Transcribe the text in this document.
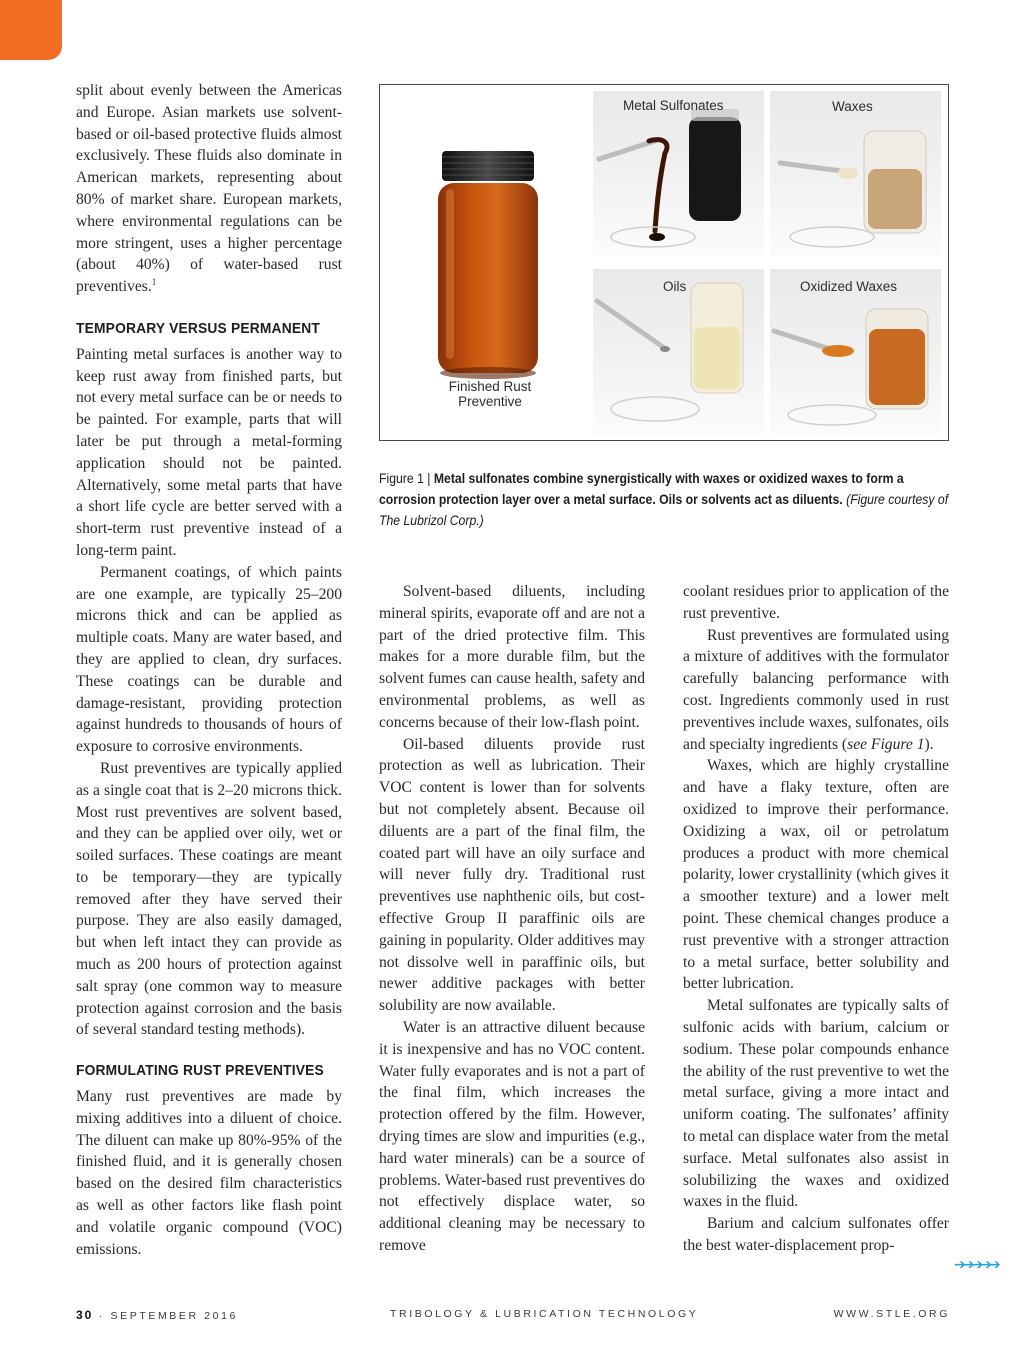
split about evenly between the Americas and Europe. Asian markets use solvent-based or oil-based protective fluids almost exclusively. These fluids also dominate in American markets, representing about 80% of market share. European markets, where environmental regulations can be more stringent, uses a higher percentage (about 40%) of water-based rust preventives.$^1$

TEMPORARY VERSUS PERMANENT

Painting metal surfaces is another way to keep rust away from finished parts, but not every metal surface can be or needs to be painted. For example, parts that will later be put through a metal-forming application should not be painted. Alternatively, some metal parts that have a short life cycle are better served with a short-term rust preventive instead of a long-term paint.

Permanent coatings, of which paints are one example, are typically 25–200 microns thick and can be applied as multiple coats. Many are water based, and they are applied to clean, dry surfaces. These coatings can be durable and damage-resistant, providing protection against hundreds to thousands of hours of exposure to corrosive environments.

Rust preventives are typically applied as a single coat that is 2–20 microns thick. Most rust preventives are solvent based, and they can be applied over oily, wet or soiled surfaces. These coatings are meant to be temporary—they are typically removed after they have served their purpose. They are also easily damaged, but when left intact they can provide as much as 200 hours of protection against salt spray (one common way to measure protection against corrosion and the basis of several standard testing methods).

FORMULATING RUST PREVENTIVES

Many rust preventives are made by mixing additives into a diluent of choice. The diluent can make up 80%-95% of the finished fluid, and it is generally chosen based on the desired film characteristics as well as other factors like flash point and volatile organic compound (VOC) emissions.

Finished Rust
Preventive
Metal Sulfonates	Waxes
Oils	Oxidized Waxes
Figure 1 | Metal sulfonates combine synergistically with waxes or oxidized waxes to form a corrosion protection layer over a metal surface. Oils or solvents act as diluents. (Figure courtesy of The Lubrizol Corp.)

Solvent-based diluents, including mineral spirits, evaporate off and are not a part of the dried protective film. This makes for a more durable film, but the solvent fumes can cause health, safety and environmental problems, as well as concerns because of their low-flash point.

Oil-based diluents provide rust protection as well as lubrication. Their VOC content is lower than for solvents but not completely absent. Because oil diluents are a part of the final film, the coated part will have an oily surface and will never fully dry. Traditional rust preventives use naphthenic oils, but cost-effective Group II paraffinic oils are gaining in popularity. Older additives may not dissolve well in paraffinic oils, but newer additive packages with better solubility are now available.

Water is an attractive diluent because it is inexpensive and has no VOC content. Water fully evaporates and is not a part of the final film, which increases the protection offered by the film. However, drying times are slow and impurities (e.g., hard water minerals) can be a source of problems. Water-based rust preventives do not effectively displace water, so additional cleaning may be necessary to remove

coolant residues prior to application of the rust preventive.

Rust preventives are formulated using a mixture of additives with the formulator carefully balancing performance with cost. Ingredients commonly used in rust preventives include waxes, sulfonates, oils and specialty ingredients (see Figure 1).

Waxes, which are highly crystalline and have a flaky texture, often are oxidized to improve their performance. Oxidizing a wax, oil or petrolatum produces a product with more chemical polarity, lower crystallinity (which gives it a smoother texture) and a lower melt point. These chemical changes produce a rust preventive with a stronger attraction to a metal surface, better solubility and better lubrication.

Metal sulfonates are typically salts of sulfonic acids with barium, calcium or sodium. These polar compounds enhance the ability of the rust preventive to wet the metal surface, giving a more intact and uniform coating. The sulfonates’ affinity to metal can displace water from the metal surface. Metal sulfonates also assist in solubilizing the waxes and oxidized waxes in the fluid.

Barium and calcium sulfonates offer the best water-displacement prop-

➔➔➔➔➔
30 · SEPTEMBER 2016	TRIBOLOGY & LUBRICATION TECHNOLOGY	WWW.STLE.ORG
